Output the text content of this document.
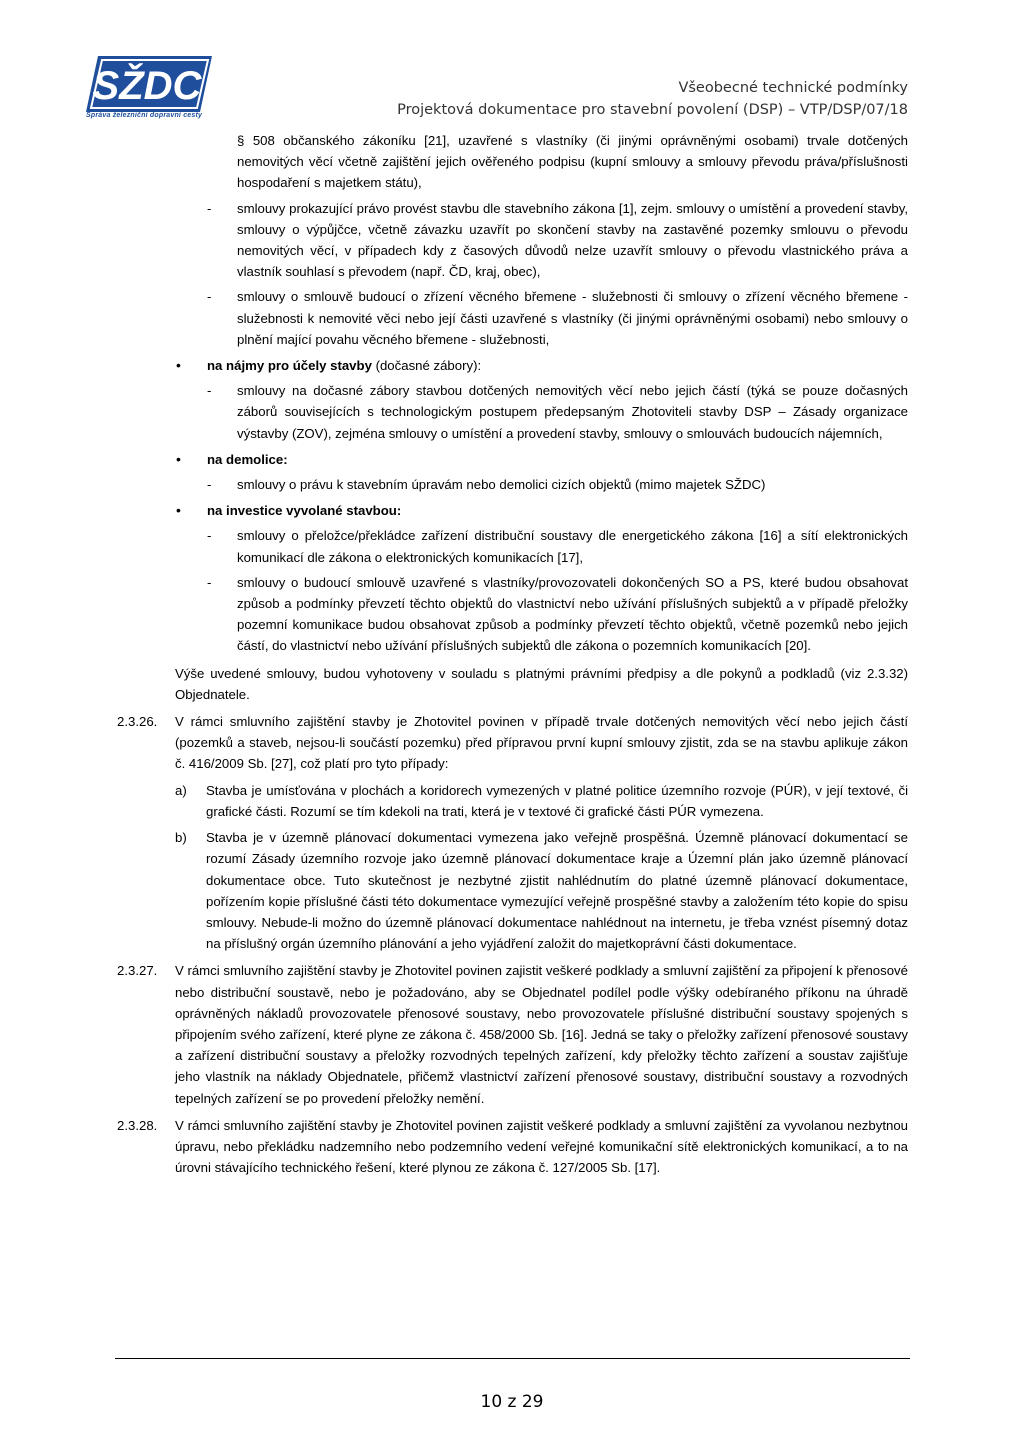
SŽDC
Správa železniční dopravní cesty
Všeobecné technické podmínky
Projektová dokumentace pro stavební povolení (DSP) – VTP/DSP/07/18

§ 508 občanského zákoníku [21], uzavřené s vlastníky (či jinými oprávněnými osobami) trvale dotčených nemovitých věcí včetně zajištění jejich ověřeného podpisu (kupní smlouvy a smlouvy převodu práva/příslušnosti hospodaření s majetkem státu),

- smlouvy prokazující právo provést stavbu dle stavebního zákona [1], zejm. smlouvy o umístění a provedení stavby, smlouvy o výpůjčce, včetně závazku uzavřít po skončení stavby na zastavěné pozemky smlouvu o převodu nemovitých věcí, v případech kdy z časových důvodů nelze uzavřít smlouvy o převodu vlastnického práva a vlastník souhlasí s převodem (např. ČD, kraj, obec),

- smlouvy o smlouvě budoucí o zřízení věcného břemene - služebnosti či smlouvy o zřízení věcného břemene - služebnosti k nemovité věci nebo její části uzavřené s vlastníky (či jinými oprávněnými osobami) nebo smlouvy o plnění mající povahu věcného břemene - služebnosti,

• na nájmy pro účely stavby (dočasné zábory):

- smlouvy na dočasné zábory stavbou dotčených nemovitých věcí nebo jejich částí (týká se pouze dočasných záborů souvisejících s technologickým postupem předepsaným Zhotoviteli stavby DSP – Zásady organizace výstavby (ZOV), zejména smlouvy o umístění a provedení stavby, smlouvy o smlouvách budoucích nájemních,

• na demolice:

- smlouvy o právu k stavebním úpravám nebo demolici cizích objektů (mimo majetek SŽDC)

• na investice vyvolané stavbou:

- smlouvy o přeložce/překládce zařízení distribuční soustavy dle energetického zákona [16] a sítí elektronických komunikací dle zákona o elektronických komunikacích [17],

- smlouvy o budoucí smlouvě uzavřené s vlastníky/provozovateli dokončených SO a PS, které budou obsahovat způsob a podmínky převzetí těchto objektů do vlastnictví nebo užívání příslušných subjektů a v případě přeložky pozemní komunikace budou obsahovat způsob a podmínky převzetí těchto objektů, včetně pozemků nebo jejich částí, do vlastnictví nebo užívání příslušných subjektů dle zákona o pozemních komunikacích [20].

Výše uvedené smlouvy, budou vyhotoveny v souladu s platnými právními předpisy a dle pokynů a podkladů (viz 2.3.32) Objednatele.

2.3.26. V rámci smluvního zajištění stavby je Zhotovitel povinen v případě trvale dotčených nemovitých věcí nebo jejich částí (pozemků a staveb, nejsou-li součástí pozemku) před přípravou první kupní smlouvy zjistit, zda se na stavbu aplikuje zákon č. 416/2009 Sb. [27], což platí pro tyto případy:

a) Stavba je umísťována v plochách a koridorech vymezených v platné politice územního rozvoje (PÚR), v její textové, či grafické části. Rozumí se tím kdekoli na trati, která je v textové či grafické části PÚR vymezena.

b) Stavba je v územně plánovací dokumentaci vymezena jako veřejně prospěšná. Územně plánovací dokumentací se rozumí Zásady územního rozvoje jako územně plánovací dokumentace kraje a Územní plán jako územně plánovací dokumentace obce. Tuto skutečnost je nezbytné zjistit nahlédnutím do platné územně plánovací dokumentace, pořízením kopie příslušné části této dokumentace vymezující veřejně prospěšné stavby a založením této kopie do spisu smlouvy. Nebude-li možno do územně plánovací dokumentace nahlédnout na internetu, je třeba vznést písemný dotaz na příslušný orgán územního plánování a jeho vyjádření založit do majetkoprávní části dokumentace.

2.3.27. V rámci smluvního zajištění stavby je Zhotovitel povinen zajistit veškeré podklady a smluvní zajištění za připojení k přenosové nebo distribuční soustavě, nebo je požadováno, aby se Objednatel podílel podle výšky odebíraného příkonu na úhradě oprávněných nákladů provozovatele přenosové soustavy, nebo provozovatele příslušné distribuční soustavy spojených s připojením svého zařízení, které plyne ze zákona č. 458/2000 Sb. [16]. Jedná se taky o přeložky zařízení přenosové soustavy a zařízení distribuční soustavy a přeložky rozvodných tepelných zařízení, kdy přeložky těchto zařízení a soustav zajišťuje jeho vlastník na náklady Objednatele, přičemž vlastnictví zařízení přenosové soustavy, distribuční soustavy a rozvodných tepelných zařízení se po provedení přeložky nemění.

2.3.28. V rámci smluvního zajištění stavby je Zhotovitel povinen zajistit veškeré podklady a smluvní zajištění za vyvolanou nezbytnou úpravu, nebo překládku nadzemního nebo podzemního vedení veřejné komunikační sítě elektronických komunikací, a to na úrovni stávajícího technického řešení, které plynou ze zákona č. 127/2005 Sb. [17].

10 z 29
